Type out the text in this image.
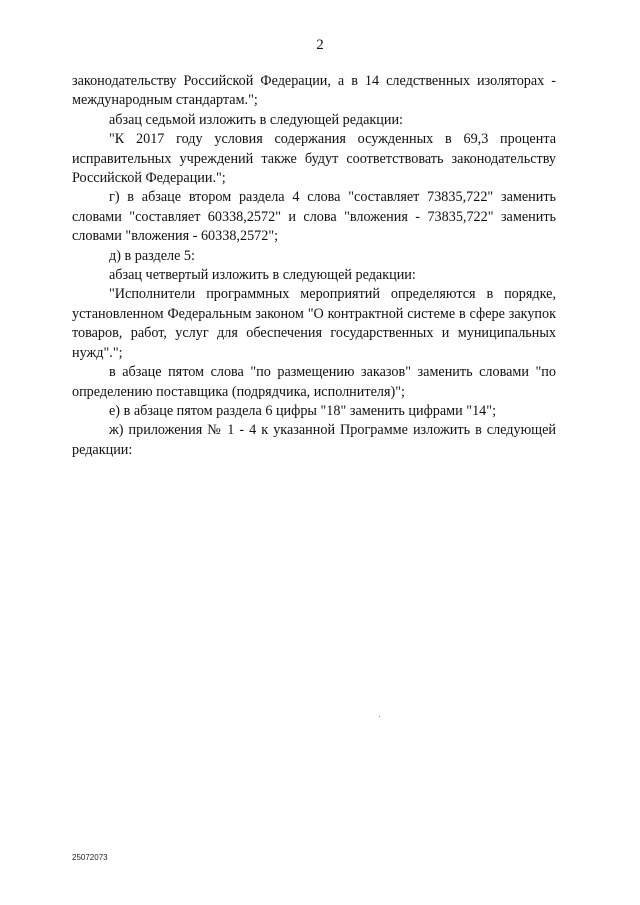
2

законодательству Российской Федерации, а в 14 следственных изоляторах - международным стандартам.";

абзац седьмой изложить в следующей редакции:

"К 2017 году условия содержания осужденных в 69,3 процента исправительных учреждений также будут соответствовать законодательству Российской Федерации.";

г) в абзаце втором раздела 4 слова "составляет 73835,722" заменить словами "составляет 60338,2572" и слова "вложения - 73835,722" заменить словами "вложения - 60338,2572";

д) в разделе 5:

абзац четвертый изложить в следующей редакции:

"Исполнители программных мероприятий определяются в порядке, установленном Федеральным законом "О контрактной системе в сфере закупок товаров, работ, услуг для обеспечения государственных и муниципальных нужд".";

в абзаце пятом слова "по размещению заказов" заменить словами "по определению поставщика (подрядчика, исполнителя)";

е) в абзаце пятом раздела 6 цифры "18" заменить цифрами "14";

ж) приложения № 1 - 4 к указанной Программе изложить в следующей редакции:

25072073
